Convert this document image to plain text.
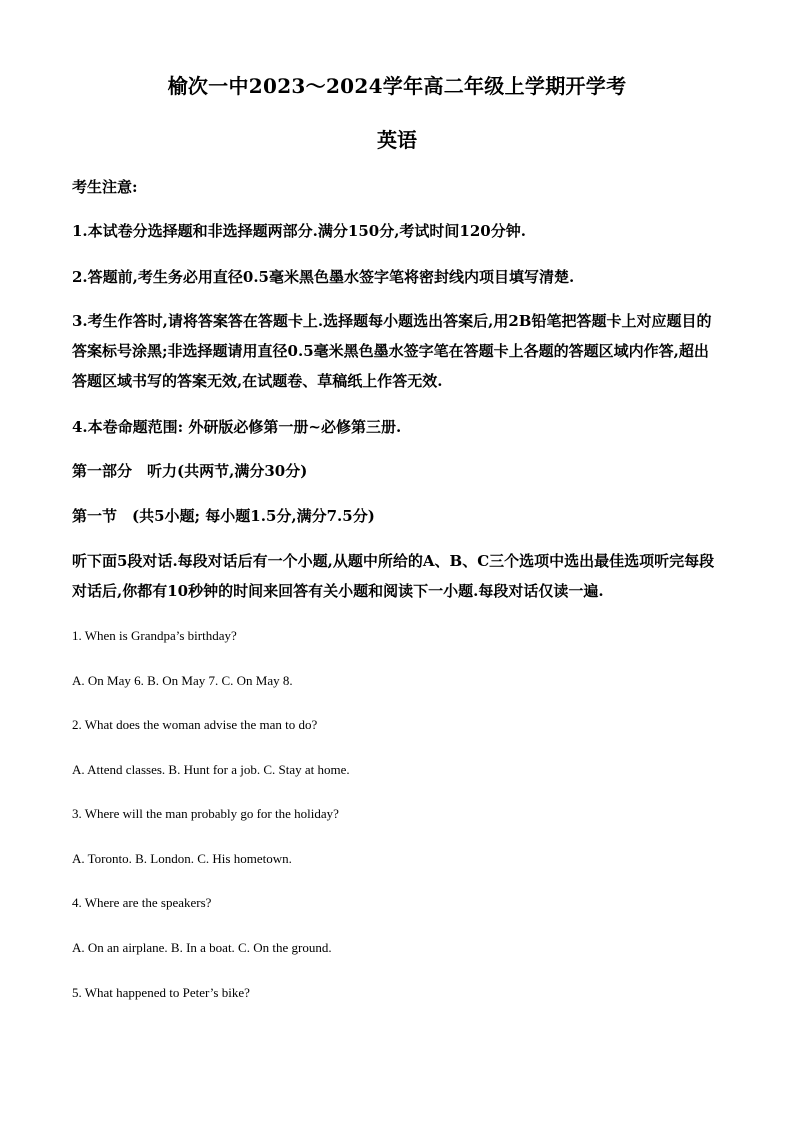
榆次一中2023～2024学年高二年级上学期开学考
英语
考生注意:
1.本试卷分选择题和非选择题两部分.满分150分,考试时间120分钟.
2.答题前,考生务必用直径0.5毫米黑色墨水签字笔将密封线内项目填写清楚.
3.考生作答时,请将答案答在答题卡上.选择题每小题选出答案后,用2B铅笔把答题卡上对应题目的答案标号涂黑;非选择题请用直径0.5毫米黑色墨水签字笔在答题卡上各题的答题区域内作答,超出答题区域书写的答案无效,在试题卷、草稿纸上作答无效.
4.本卷命题范围: 外研版必修第一册~必修第三册.
第一部分　听力(共两节,满分30分)
第一节　(共5小题; 每小题1.5分,满分7.5分)
听下面5段对话.每段对话后有一个小题,从题中所给的A、B、C三个选项中选出最佳选项听完每段对话后,你都有10秒钟的时间来回答有关小题和阅读下一小题.每段对话仅读一遍.
1. When is Grandpa’s birthday?
A. On May 6. B. On May 7. C. On May 8.
2. What does the woman advise the man to do?
A. Attend classes. B. Hunt for a job. C. Stay at home.
3. Where will the man probably go for the holiday?
A. Toronto. B. London. C. His hometown.
4. Where are the speakers?
A. On an airplane. B. In a boat. C. On the ground.
5. What happened to Peter’s bike?
